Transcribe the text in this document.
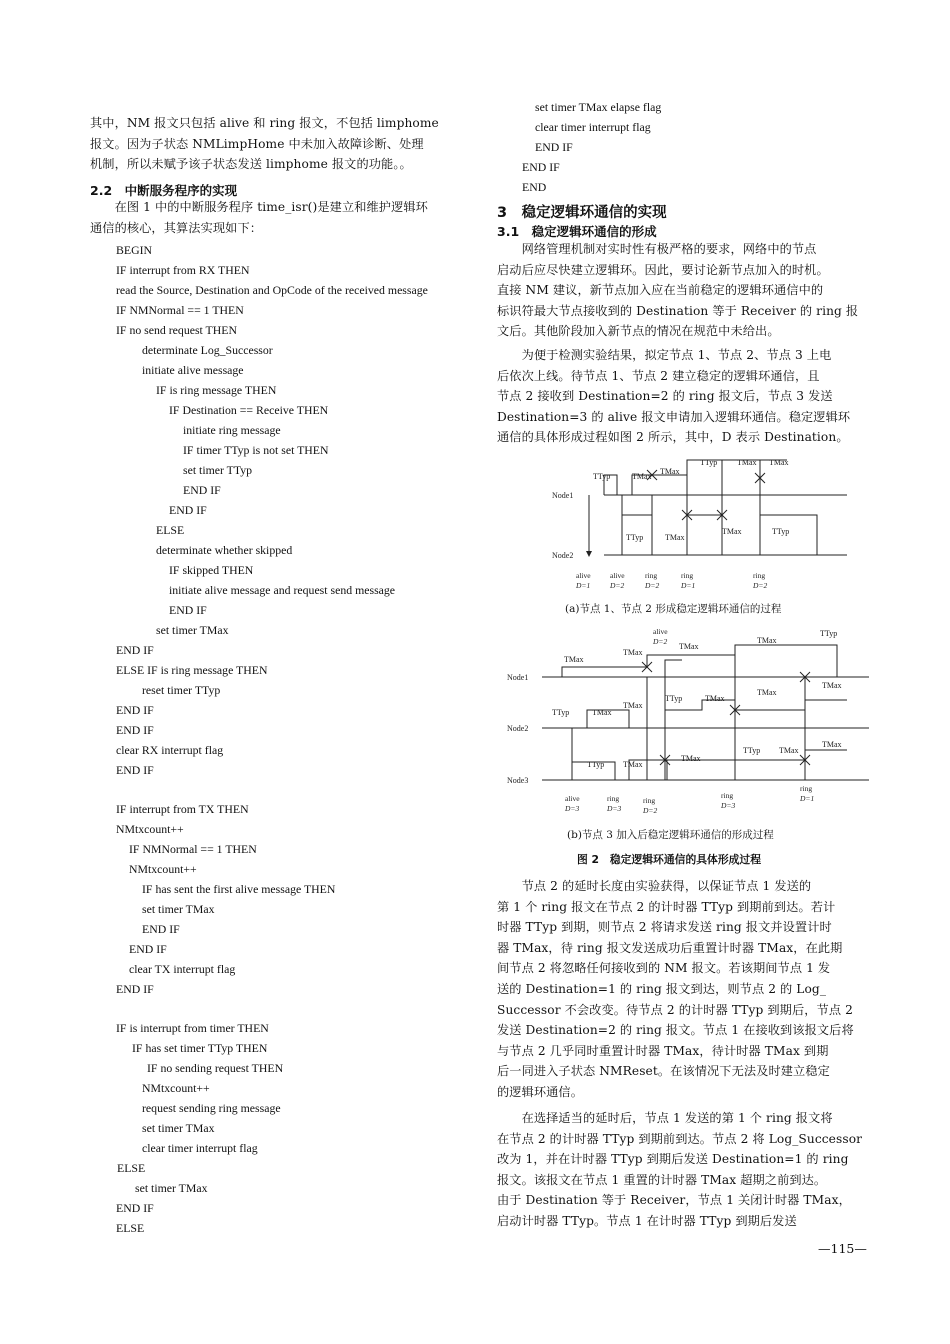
其中，NM 报文只包括 alive 和 ring 报文，不包括 limphome
报文。因为子状态 NMLimpHome 中未加入故障诊断、处理
机制，所以未赋予该子状态发送 limphome 报文的功能。。
2.2　中断服务程序的实现
　　在图 1 中的中断服务程序 time_isr()是建立和维护逻辑环
通信的核心，其算法实现如下：
BEGIN
IF interrupt from RX THEN
read the Source, Destination and OpCode of the received message
IF NMNormal == 1 THEN
IF no send request THEN
determinate Log_Successor
initiate alive message
IF is ring message THEN
IF Destination == Receive THEN
initiate ring message
IF timer TTyp is not set THEN
set timer TTyp
END IF
END IF
ELSE
determinate whether skipped
IF skipped THEN
initiate alive message and request send message
END IF
set timer TMax
END IF
ELSE IF is ring message THEN
reset timer TTyp
END IF
END IF
clear RX interrupt flag
END IF
IF interrupt from TX THEN
NMtxcount++
IF NMNormal == 1 THEN
NMtxcount++
IF has sent the first alive message THEN
set timer TMax
END IF
END IF
clear TX interrupt flag
END IF
IF is interrupt from timer THEN
IF has set timer TTyp THEN
IF no sending request THEN
NMtxcount++
request sending ring message
set timer TMax
clear timer interrupt flag
ELSE
set timer TMax
END IF
ELSE
set timer TMax elapse flag
clear timer interrupt flag
END IF
END IF
END
3　稳定逻辑环通信的实现
3.1　稳定逻辑环通信的形成
　　网络管理机制对实时性有极严格的要求，网络中的节点
启动后应尽快建立逻辑环。因此，要讨论新节点加入的时机。
直接 NM 建议，新节点加入应在当前稳定的逻辑环通信中的
标识符最大节点接收到的 Destination 等于 Receiver 的 ring 报
文后。其他阶段加入新节点的情况在规范中未给出。
　　为便于检测实验结果，拟定节点 1、节点 2、节点 3 上电
后依次上线。待节点 1、节点 2 建立稳定的逻辑环通信，且
节点 2 接收到 Destination=2 的 ring 报文后，节点 3 发送
Destination=3 的 alive 报文申请加入逻辑环通信。稳定逻辑环
通信的具体形成过程如图 2 所示，其中，D 表示 Destination。
Node1
Node2
TTyp	TMax
TMax
TTyp TMax TMax
TTyp	TMax
TMax	TTyp
alive
D=1
alive
D=2
ring
D=2
ring
D=1
ring
D=2
(a)节点 1、节点 2 形成稳定逻辑环通信的过程
Node1
Node2
Node3
alive
D=2
TMax
TMax
TMax
TMax
TTyp
TTyp
TMax
TMax
TTyp	TMax
TMax
TTyp
TMax
TMax
TMax
TTyp TMax
TMax
alive
D=3
ring
D=3
ring
D=2
ring
D=3
ring
D=1
(b)节点 3 加入后稳定逻辑环通信的形成过程
图 2　稳定逻辑环通信的具体形成过程
　　节点 2 的延时长度由实验获得，以保证节点 1 发送的
第 1 个 ring 报文在节点 2 的计时器 TTyp 到期前到达。若计
时器 TTyp 到期，则节点 2 将请求发送 ring 报文并设置计时
器 TMax，待 ring 报文发送成功后重置计时器 TMax，在此期
间节点 2 将忽略任何接收到的 NM 报文。若该期间节点 1 发
送的 Destination=1 的 ring 报文到达，则节点 2 的 Log_
Successor 不会改变。待节点 2 的计时器 TTyp 到期后，节点 2
发送 Destination=2 的 ring 报文。节点 1 在接收到该报文后将
与节点 2 几乎同时重置计时器 TMax，待计时器 TMax 到期
后一同进入子状态 NMReset。在该情况下无法及时建立稳定
的逻辑环通信。
　　在选择适当的延时后，节点 1 发送的第 1 个 ring 报文将
在节点 2 的计时器 TTyp 到期前到达。节点 2 将 Log_Successor
改为 1，并在计时器 TTyp 到期后发送 Destination=1 的 ring
报文。该报文在节点 1 重置的计时器 TMax 超期之前到达。
由于 Destination 等于 Receiver，节点 1 关闭计时器 TMax，
启动计时器 TTyp。节点 1 在计时器 TTyp 到期后发送
—115—
